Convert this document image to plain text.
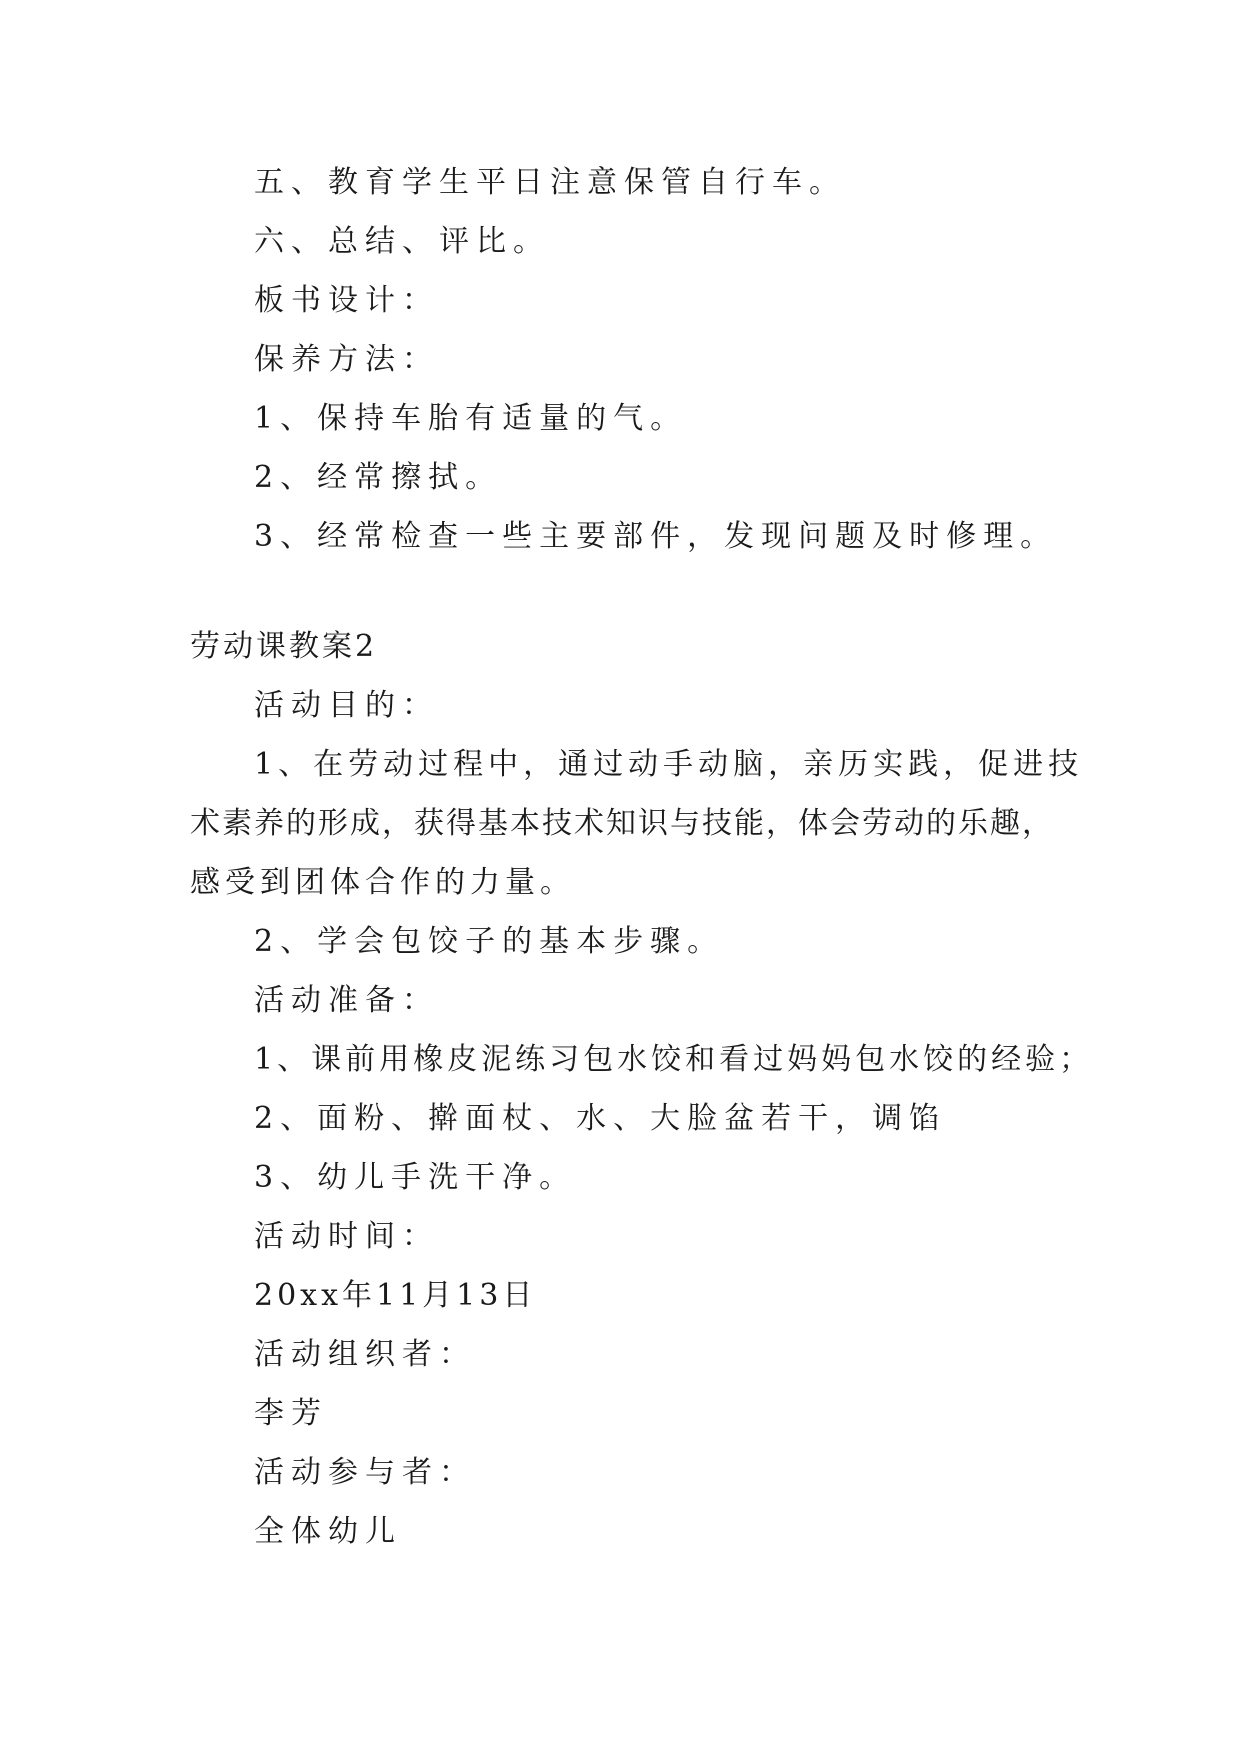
五、教育学生平日注意保管自行车。
六、总结、评比。
板书设计：
保养方法：
1、保持车胎有适量的气。
2、经常擦拭。
3、经常检查一些主要部件，发现问题及时修理。
劳动课教案2
活动目的：
1、在劳动过程中，通过动手动脑，亲历实践，促进技
术素养的形成，获得基本技术知识与技能，体会劳动的乐趣，
感受到团体合作的力量。
2、学会包饺子的基本步骤。
活动准备：
1、课前用橡皮泥练习包水饺和看过妈妈包水饺的经验；
2、面粉、擀面杖、水、大脸盆若干，调馅
3、幼儿手洗干净。
活动时间：
20xx年11月13日
活动组织者：
李芳
活动参与者：
全体幼儿
